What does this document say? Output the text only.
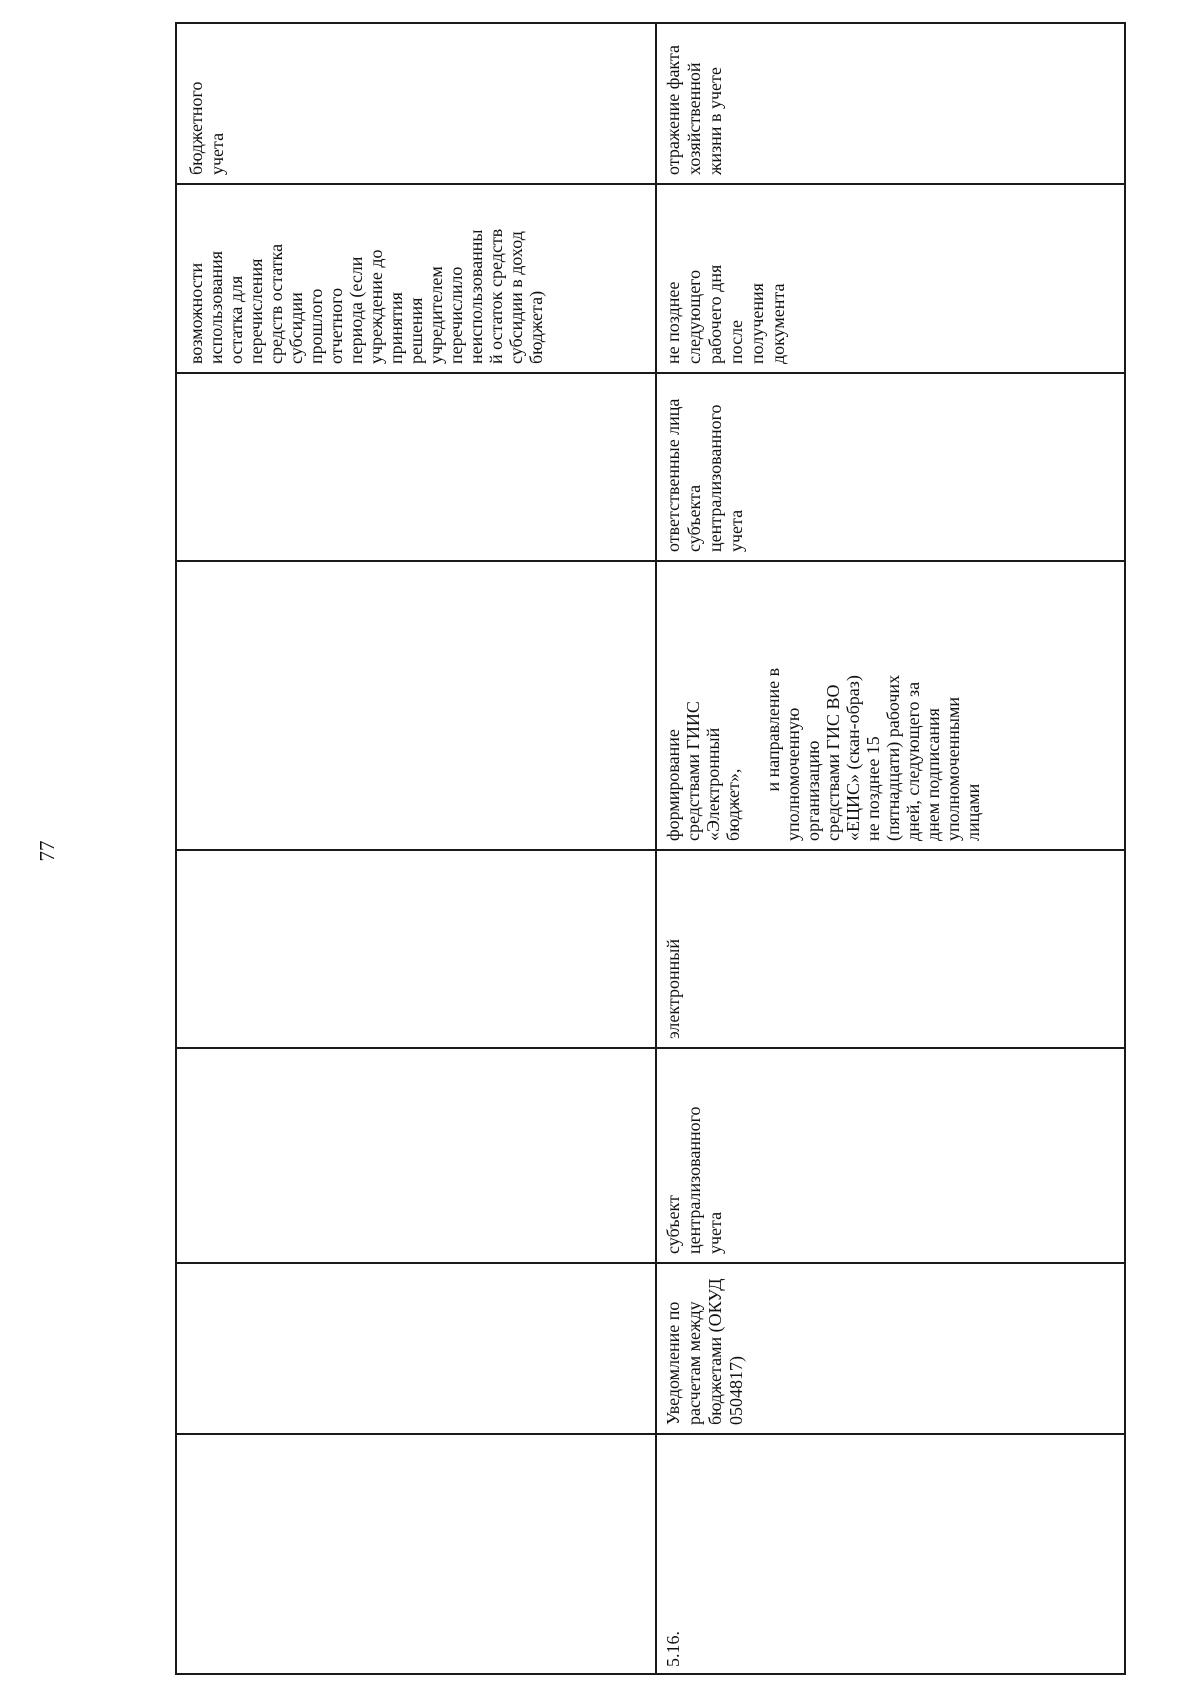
77
возможности
использования
остатка для
перечисления
средств остатка
субсидии
прошлого
отчетного
периода (если
учреждение до
принятия
решения
учредителем
перечислило
неиспользованны
й остаток средств
субсидии в доход
бюджета)
бюджетного
учета
5.16.
Уведомление по
расчетам между
бюджетами (ОКУД
0504817)
субъект
централизованного
учета
электронный
формирование
средствами ГИИС
«Электронный
бюджет»,

и направление в
уполномоченную
организацию
средствами ГИС ВО
«ЕЦИС» (скан-образ)
не позднее 15
(пятнадцати) рабочих
дней, следующего за
днем подписания
уполномоченными
лицами
ответственные лица
субъекта
централизованного
учета
не позднее
следующего
рабочего дня
после
получения
документа
отражение факта
хозяйственной
жизни в учете
